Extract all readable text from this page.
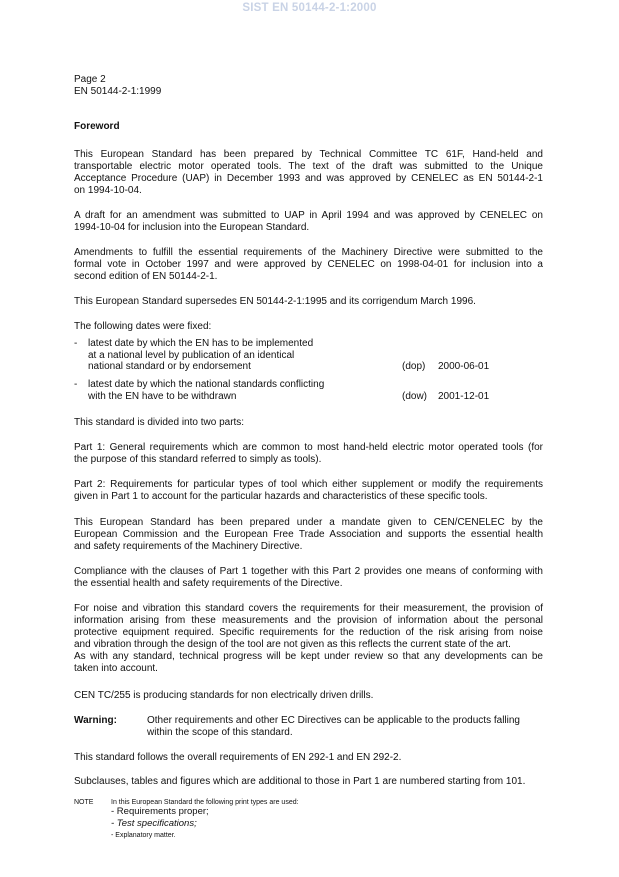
SIST EN 50144-2-1:2000
Page 2
EN 50144-2-1:1999
Foreword
This European Standard has been prepared by Technical Committee TC 61F, Hand-held and
transportable electric motor operated tools. The text of the draft was submitted to the Unique
Acceptance Procedure (UAP) in December 1993 and was approved by CENELEC as EN 50144-2-1
on 1994-10-04.
A draft for an amendment was submitted to UAP in April 1994 and was approved by CENELEC on
1994-10-04 for inclusion into the European Standard.
Amendments to fulfill the essential requirements of the Machinery Directive were submitted to the
formal vote in October 1997 and were approved by CENELEC on 1998-04-01 for inclusion into a
second edition of EN 50144-2-1.
This European Standard supersedes EN 50144-2-1:1995 and its corrigendum March 1996.
The following dates were fixed:
- latest date by which the EN has to be implemented
at a national level by publication of an identical
national standard or by endorsement	(dop) 2000-06-01
- latest date by which the national standards conflicting
with the EN have to be withdrawn	(dow) 2001-12-01
This standard is divided into two parts:
Part 1: General requirements which are common to most hand-held electric motor operated tools (for
the purpose of this standard referred to simply as tools).
Part 2: Requirements for particular types of tool which either supplement or modify the requirements
given in Part 1 to account for the particular hazards and characteristics of these specific tools.
This European Standard has been prepared under a mandate given to CEN/CENELEC by the
European Commission and the European Free Trade Association and supports the essential health
and safety requirements of the Machinery Directive.
Compliance with the clauses of Part 1 together with this Part 2 provides one means of conforming with
the essential health and safety requirements of the Directive.
For noise and vibration this standard covers the requirements for their measurement, the provision of
information arising from these measurements and the provision of information about the personal
protective equipment required. Specific requirements for the reduction of the risk arising from noise
and vibration through the design of the tool are not given as this reflects the current state of the art.
As with any standard, technical progress will be kept under review so that any developments can be
taken into account.
CEN TC/255 is producing standards for non electrically driven drills.
Warning:	Other requirements and other EC Directives can be applicable to the products falling
within the scope of this standard.
This standard follows the overall requirements of EN 292-1 and EN 292-2.
Subclauses, tables and figures which are additional to those in Part 1 are numbered starting from 101.
NOTE	In this European Standard the following print types are used:
- Requirements proper;
- Test specifications;
- Explanatory matter.
